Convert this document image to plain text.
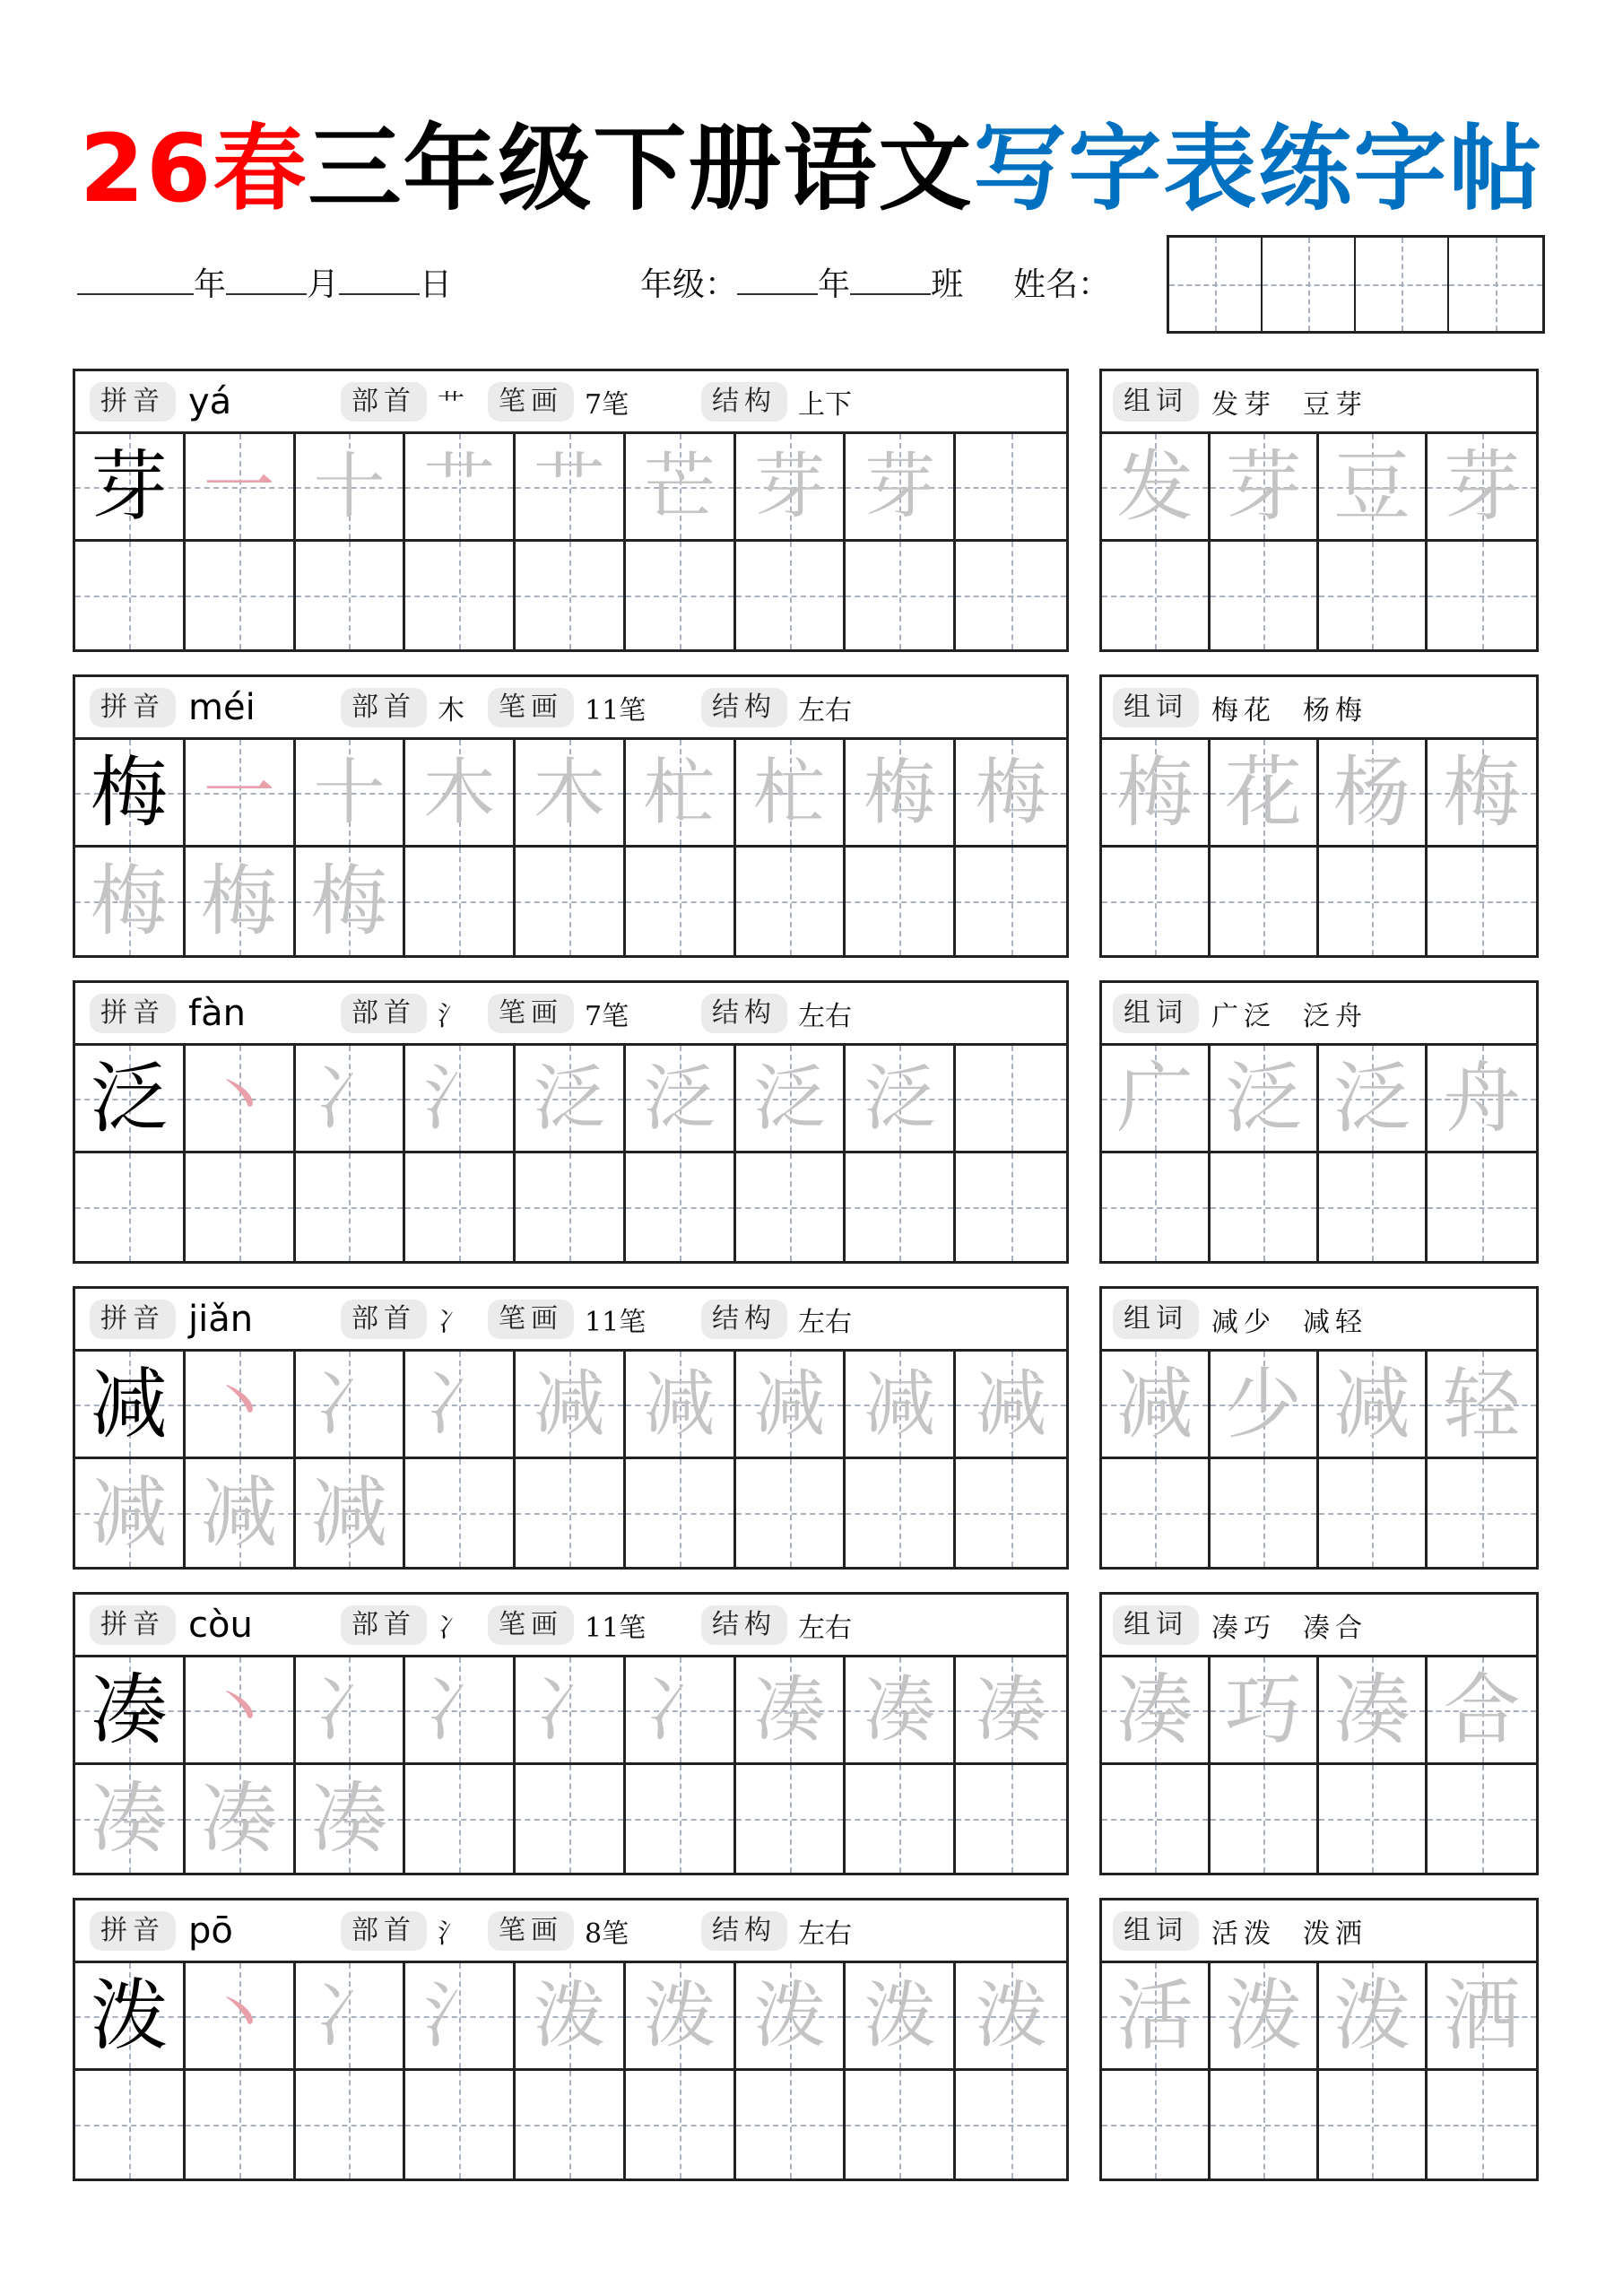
26春三年级下册语文写字表练字帖
年	月	日	年级：	年	班 姓名：
拼音 yá	部首 艹	笔画 7笔	结构 上下
芽 一 十 艹 艹 芒 芽 芽
组词 发芽 豆芽
发 芽 豆 芽
拼音 méi	部首 木	笔画 11笔	结构 左右
梅 一 十 木 木 杧 杧 梅 梅
梅 梅 梅
组词 梅花 杨梅
梅 花 杨 梅
拼音 fàn	部首 氵	笔画 7笔	结构 左右
泛 丶 冫 氵 泛 泛 泛 泛
组词 广泛 泛舟
广 泛 泛 舟
拼音 jiǎn	部首 冫	笔画 11笔	结构 左右
减 丶 冫 冫 减 减 减 减 减
减 减 减
组词 减少 减轻
减 少 减 轻
拼音 còu	部首 冫	笔画 11笔	结构 左右
凑 丶 冫 冫 冫 冫 凑 凑 凑
凑 凑 凑
组词 凑巧 凑合
凑 巧 凑 合
拼音 pō	部首 氵	笔画 8笔	结构 左右
泼 丶 冫 氵 泼 泼 泼 泼 泼
组词 活泼 泼洒
活 泼 泼 洒
